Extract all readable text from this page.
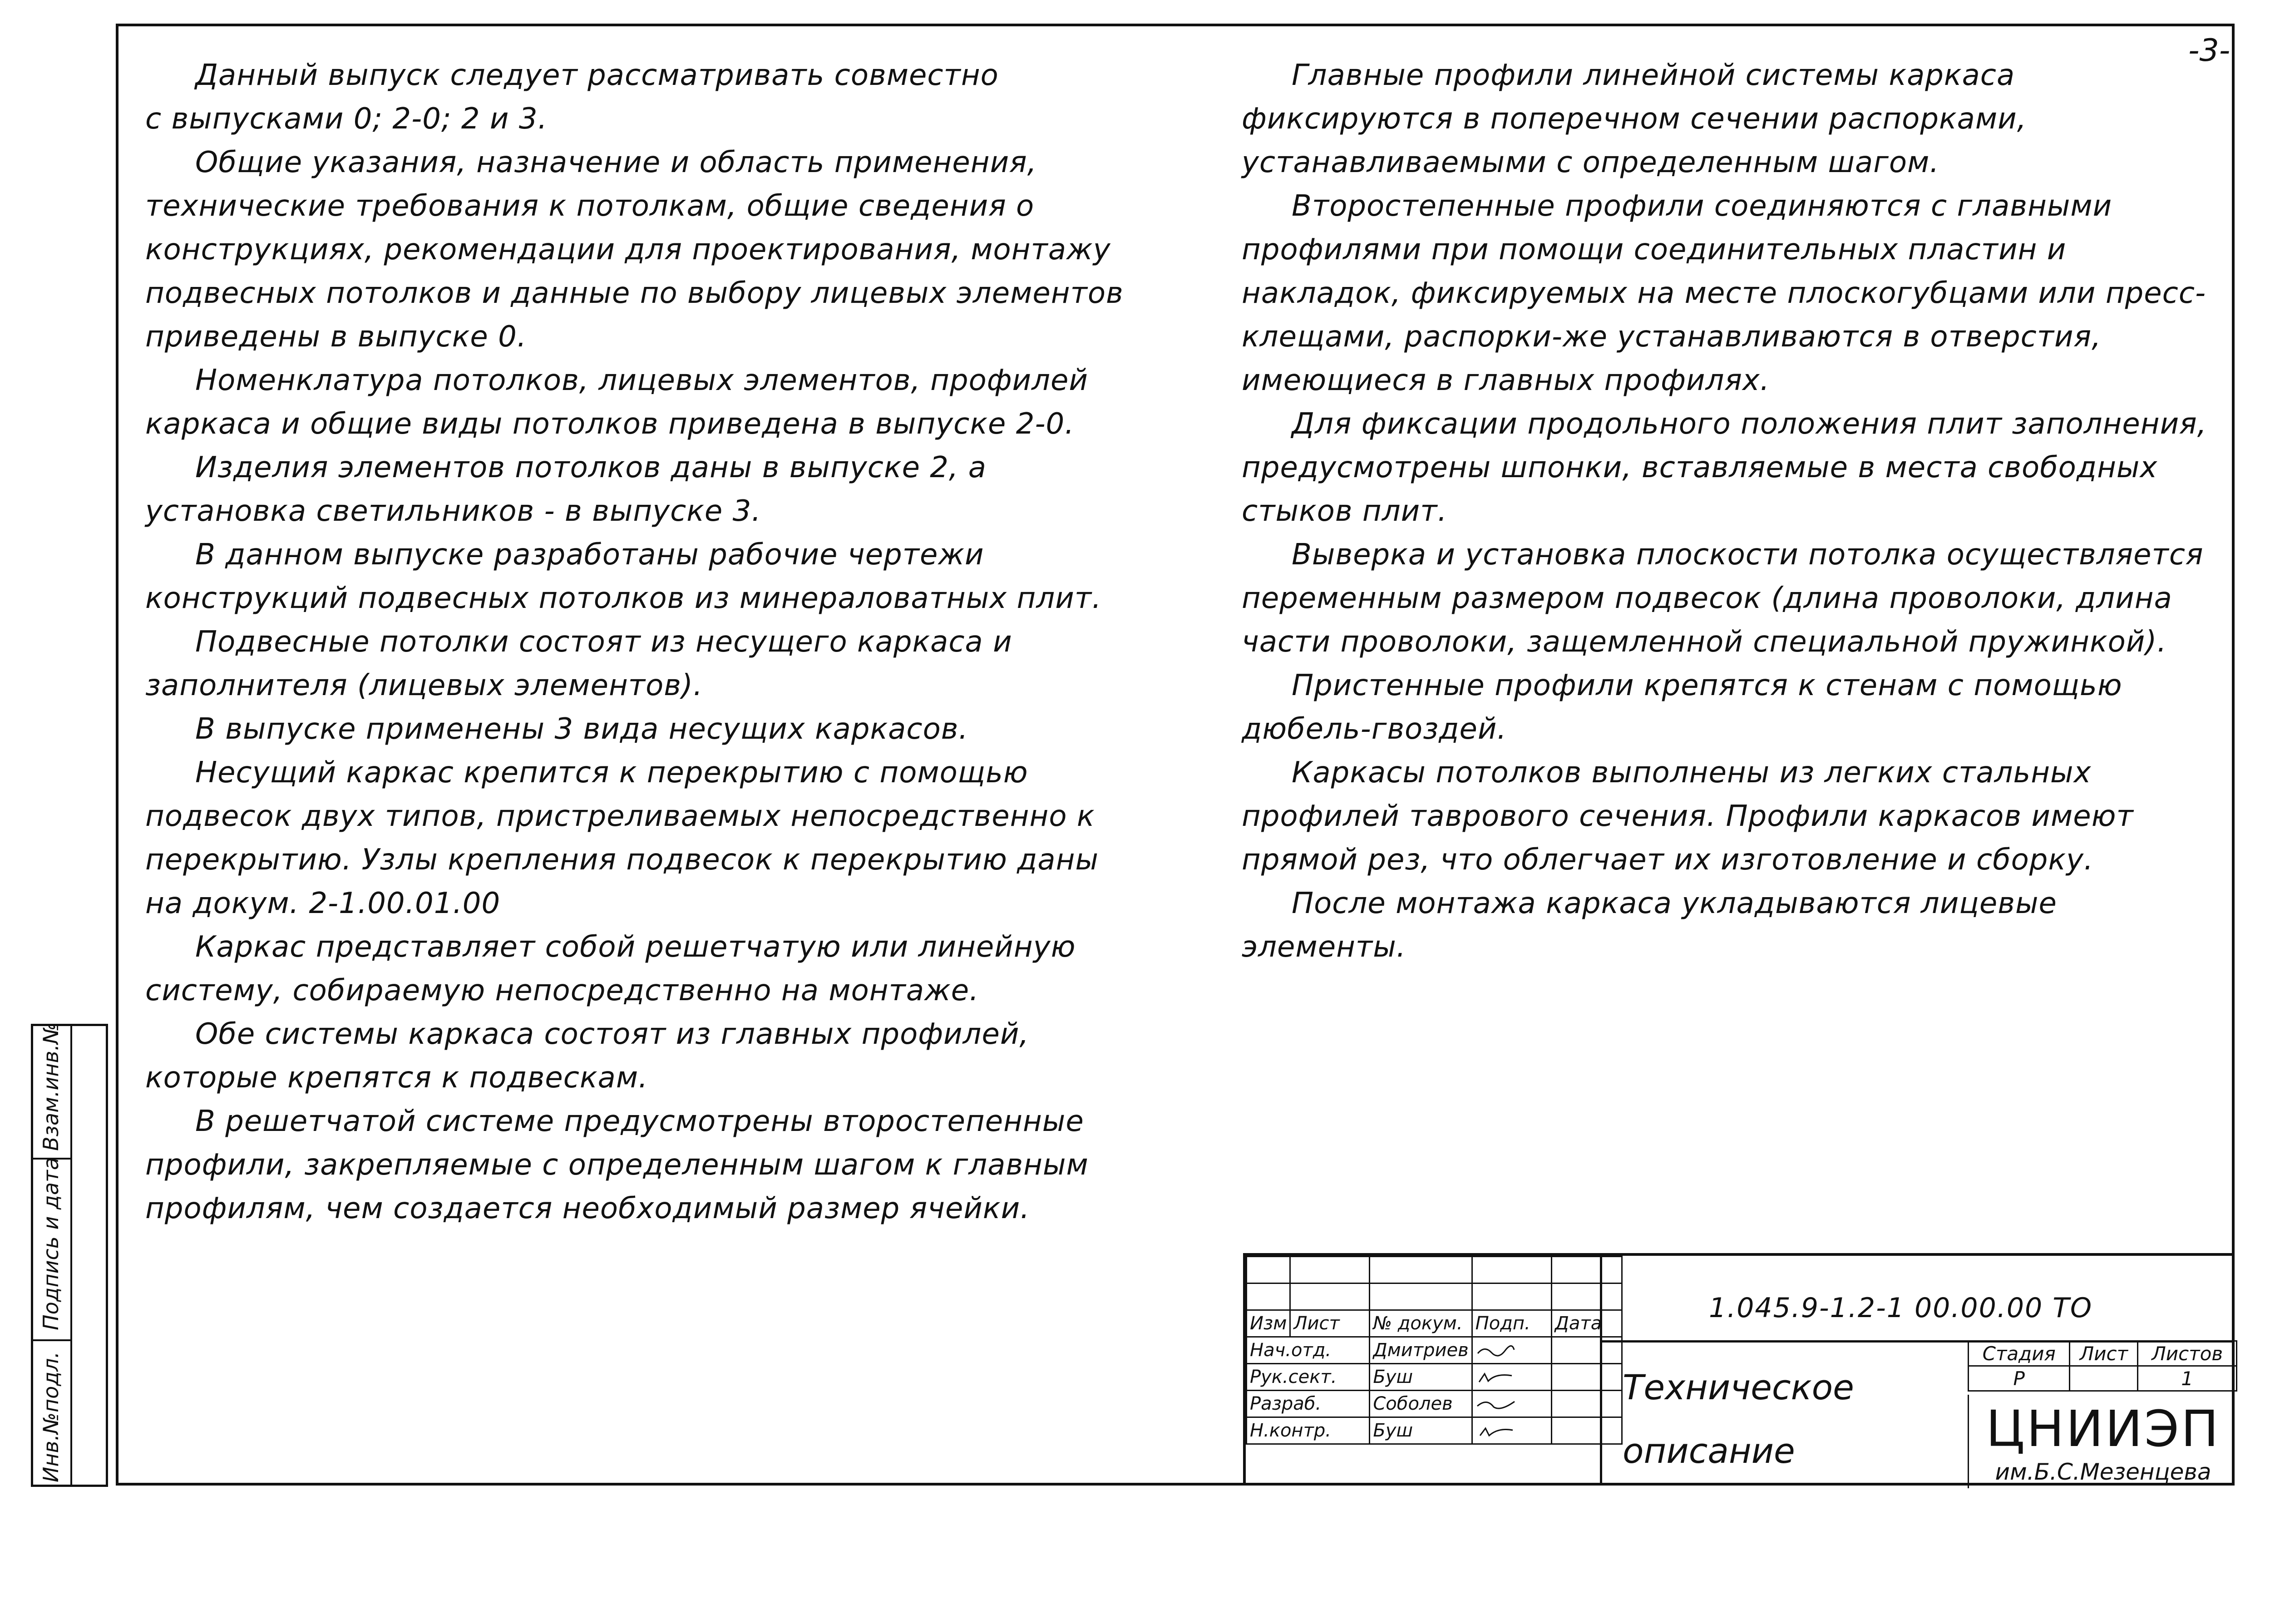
-3-

Данный выпуск следует рассматривать совместно

с выпусками 0; 2-0; 2 и 3.

Общие указания, назначение и область применения, технические требования к потолкам, общие сведения о конструкциях, рекомендации для проектирования, монтажу подвесных потолков и данные по выбору лицевых элементов приведены в выпуске 0.

Номенклатура потолков, лицевых элементов, профилей каркаса и общие виды потолков приведена в выпуске 2-0.

Изделия элементов потолков даны в выпуске 2, а установка светильников - в выпуске 3.

В данном выпуске разработаны рабочие чертежи конструкций подвесных потолков из минераловатных плит.

Подвесные потолки состоят из несущего каркаса и заполнителя (лицевых элементов).

В выпуске применены 3 вида несущих каркасов.

Несущий каркас крепится к перекрытию с помощью подвесок двух типов, пристреливаемых непосредственно к перекрытию. Узлы крепления подвесок к перекрытию даны на докум. 2-1.00.01.00

Каркас представляет собой решетчатую или линейную систему, собираемую непосредственно на монтаже.

Обе системы каркаса состоят из главных профилей, которые крепятся к подвескам.

В решетчатой системе предусмотрены второстепенные профили, закрепляемые с определенным шагом к главным профилям, чем создается необходимый размер ячейки.

Главные профили линейной системы каркаса фиксируются в поперечном сечении распорками, устанавливаемыми с определенным шагом.

Второстепенные профили соединяются с главными профилями при помощи соединительных пластин и накладок, фиксируемых на месте плоскогубцами или пресс-клещами, распорки-же устанавливаются в отверстия, имеющиеся в главных профилях.

Для фиксации продольного положения плит заполнения, предусмотрены шпонки, вставляемые в места свободных стыков плит.

Выверка и установка плоскости потолка осуществляется переменным размером подвесок (длина проволоки, длина части проволоки, защемленной специальной пружинкой).

Пристенные профили крепятся к стенам с помощью дюбель-гвоздей.

Каркасы потолков выполнены из легких стальных профилей таврового сечения. Профили каркасов имеют прямой рез, что облегчает их изготовление и сборку.

После монтажа каркаса укладываются лицевые элементы.

Инв.№подл.
Подпись и дата
Взам.инв.№

Изм	Лист	№ докум.	Подп.	Дата
Нач.отд.		Дмитриев		
Рук.сект.		Буш		
Разраб.		Соболев		
Н.контр.		Буш		
1.045.9-1.2-1 00.00.00 ТО
Техническое
описание
Стадия	Лист	Листов
Р		1
ЦНИИЭП
им.Б.С.Мезенцева
